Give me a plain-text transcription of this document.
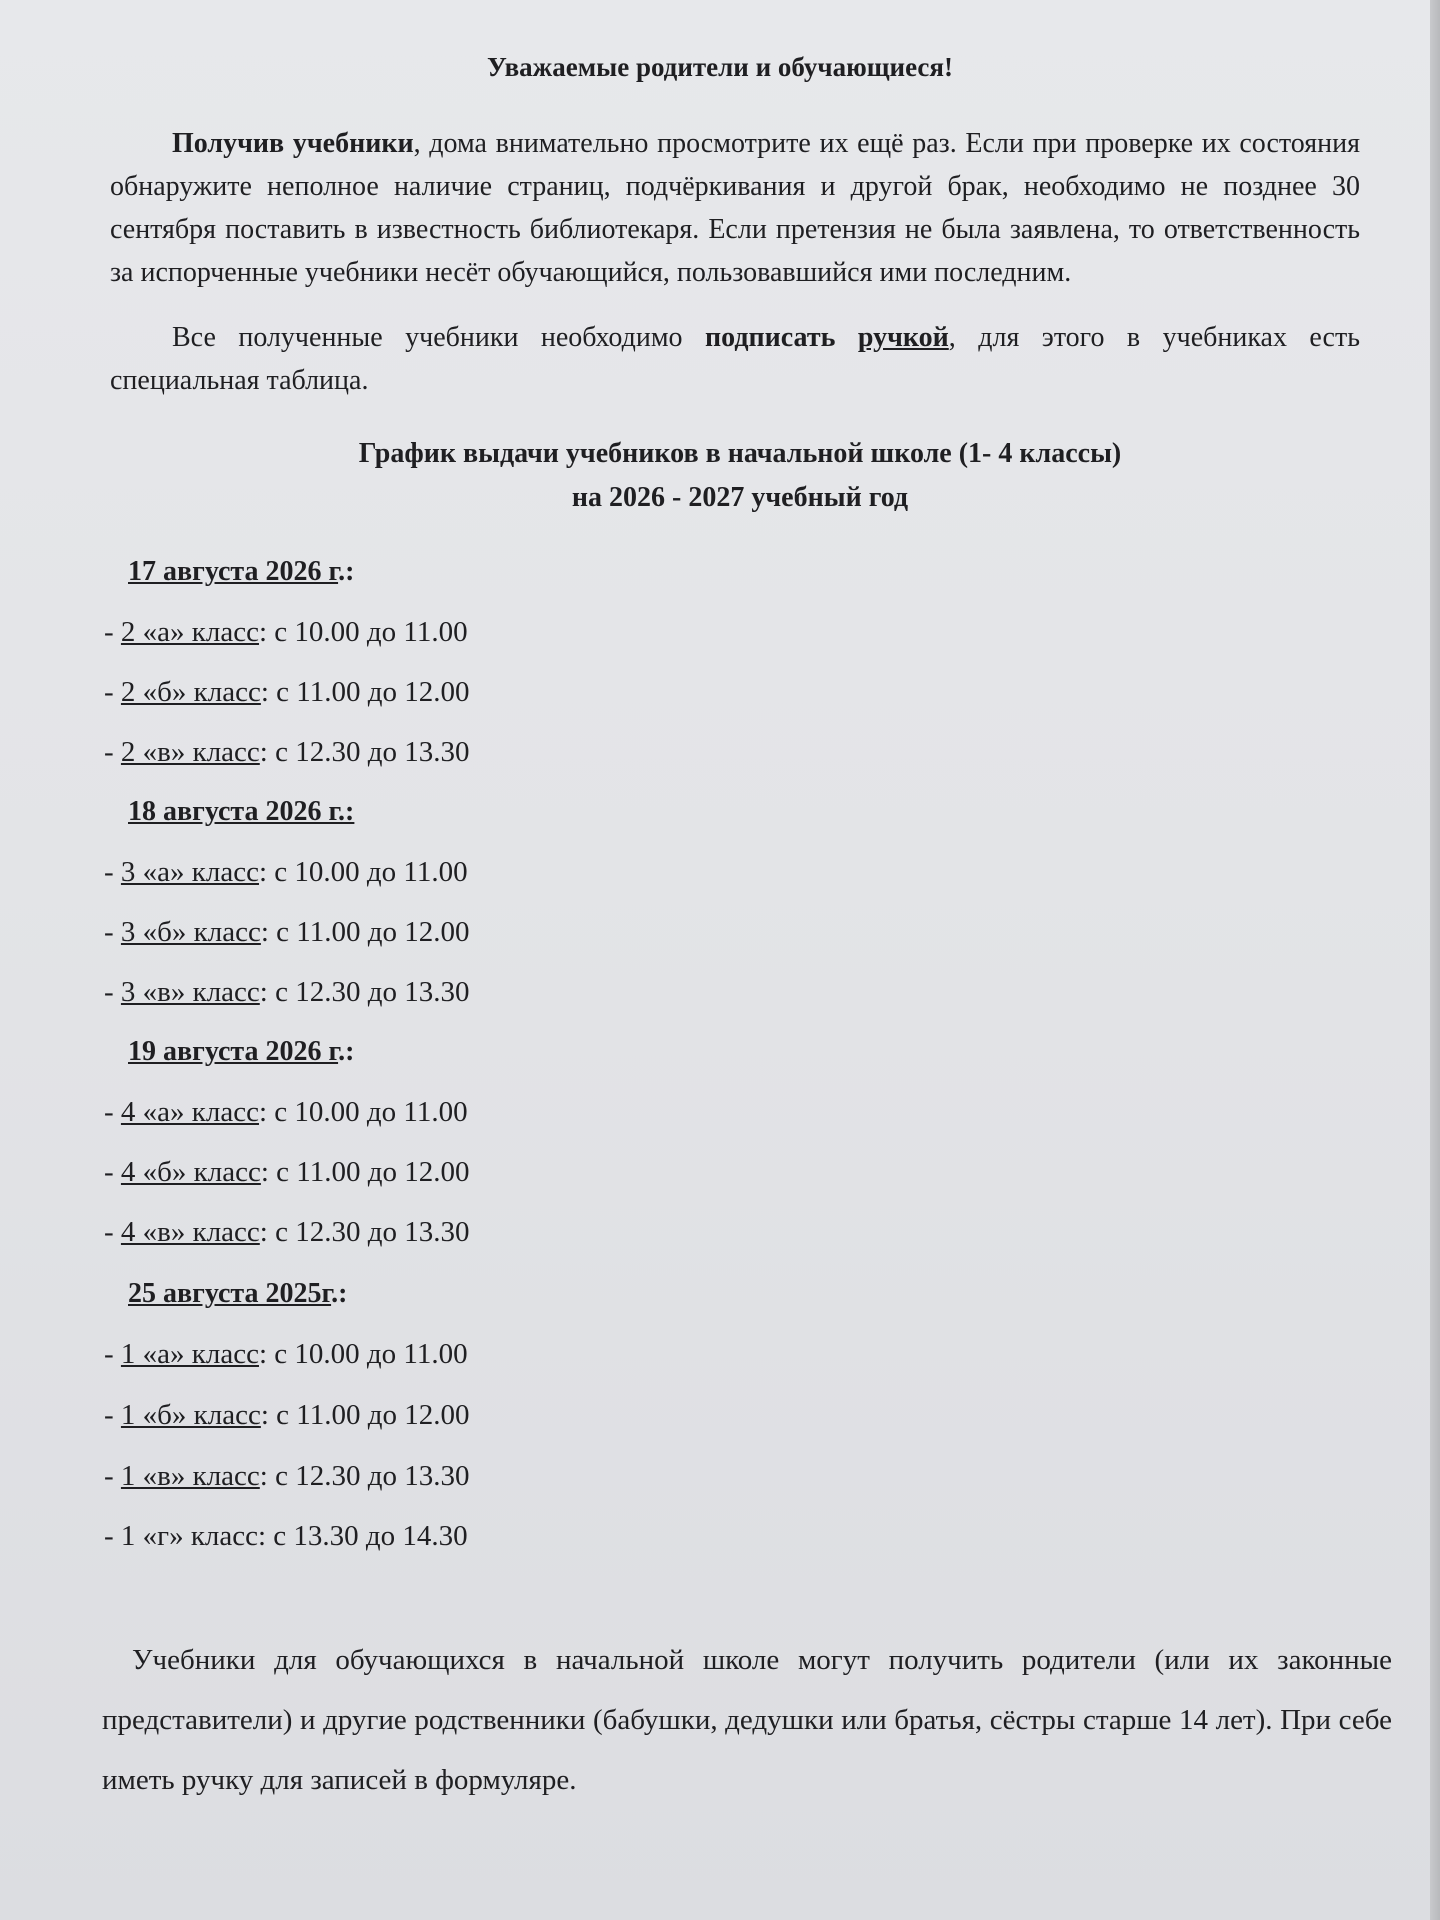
Уважаемые родители и обучающиеся!

Получив учебники, дома внимательно просмотрите их ещё раз. Если при проверке их состояния обнаружите неполное наличие страниц, подчёркивания и другой брак, необходимо не позднее 30 сентября поставить в известность библиотекаря. Если претензия не была заявлена, то ответственность за испорченные учебники несёт обучающийся, пользовавшийся ими последним.

Все полученные учебники необходимо подписать ручкой, для этого в учебниках есть специальная таблица.

График выдачи учебников в начальной школе (1- 4 классы)
на 2026 - 2027 учебный год
17 августа 2026 г.:
- 2 «а» класс: с 10.00 до 11.00
- 2 «б» класс: с 11.00 до 12.00
- 2 «в» класс: с 12.30 до 13.30
18 августа 2026 г.:
- 3 «а» класс: с 10.00 до 11.00
- 3 «б» класс: с 11.00 до 12.00
- 3 «в» класс: с 12.30 до 13.30
19 августа 2026 г.:
- 4 «а» класс: с 10.00 до 11.00
- 4 «б» класс: с 11.00 до 12.00
- 4 «в» класс: с 12.30 до 13.30
25 августа 2025г.:
- 1 «а» класс: с 10.00 до 11.00
- 1 «б» класс: с 11.00 до 12.00
- 1 «в» класс: с 12.30 до 13.30
- 1 «г» класс: с 13.30 до 14.30

Учебники для обучающихся в начальной школе могут получить родители (или их законные представители) и другие родственники (бабушки, дедушки или братья, сёстры старше 14 лет). При себе иметь ручку для записей в формуляре.
